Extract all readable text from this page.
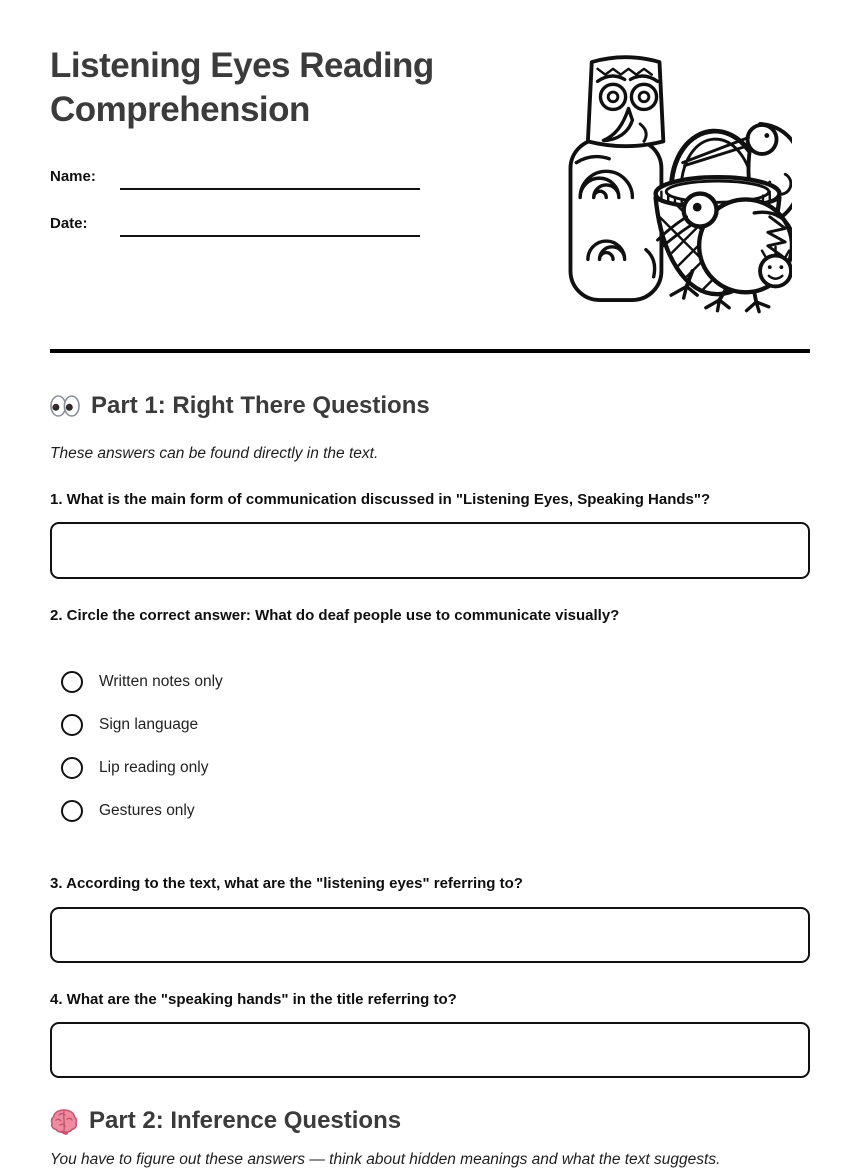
Listening Eyes Reading Comprehension
Name:
Date:
Part 1: Right There Questions
These answers can be found directly in the text.
1. What is the main form of communication discussed in "Listening Eyes, Speaking Hands"?
2. Circle the correct answer: What do deaf people use to communicate visually?
Written notes only
Sign language
Lip reading only
Gestures only
3. According to the text, what are the "listening eyes" referring to?
4. What are the "speaking hands" in the title referring to?
Part 2: Inference Questions
You have to figure out these answers — think about hidden meanings and what the text suggests.
